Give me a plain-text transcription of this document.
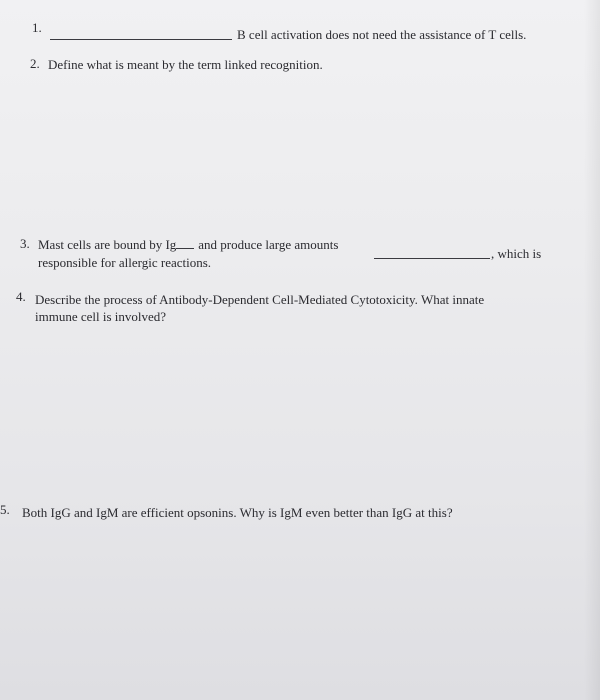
1.	B cell activation does not need the assistance of T cells.
2. Define what is meant by the term linked recognition.
3. Mast cells are bound by Ig and produce large amounts
, which is
responsible for allergic reactions.
4. Describe the process of Antibody-Dependent Cell-Mediated Cytotoxicity. What innate
immune cell is involved?
5. Both IgG and IgM are efficient opsonins. Why is IgM even better than IgG at this?
